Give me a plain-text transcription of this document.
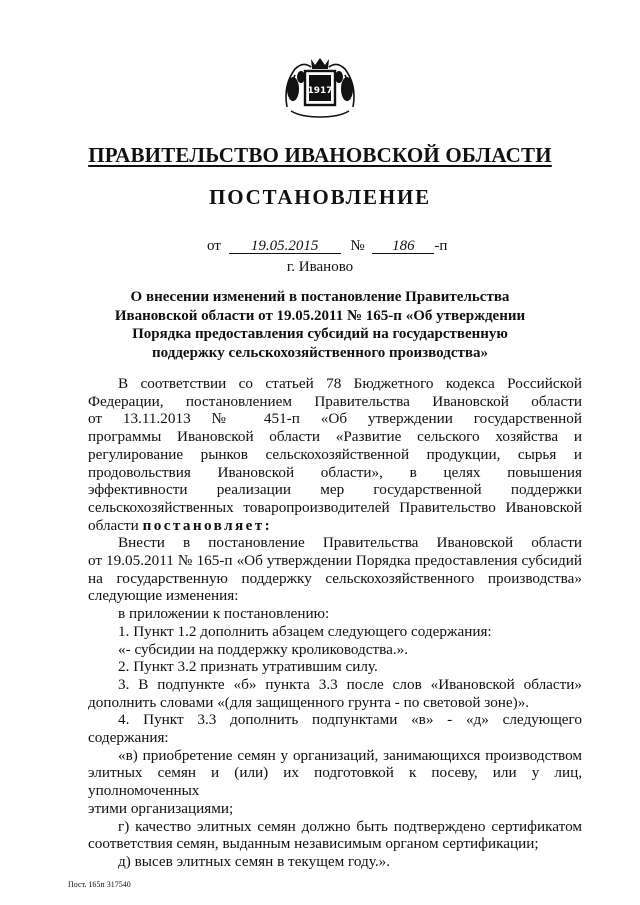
1917
ПРАВИТЕЛЬСТВО ИВАНОВСКОЙ ОБЛАСТИ
ПОСТАНОВЛЕНИЕ
от 19.05.2015 № 186 -п
г. Иваново
О внесении изменений в постановление Правительства Ивановской области от 19.05.2011 № 165-п «Об утверждении Порядка предоставления субсидий на государственную поддержку сельскохозяйственного производства»

В соответствии со статьей 78 Бюджетного кодекса Российской

Федерации, постановлением Правительства Ивановской области

от 13.11.2013 № 451-п «Об утверждении государственной

программы Ивановской области «Развитие сельского хозяйства и

регулирование рынков сельскохозяйственной продукции, сырья и

продовольствия Ивановской области», в целях повышения

эффективности реализации мер государственной поддержки

сельскохозяйственных товаропроизводителей Правительство Ивановской

области постановляет:

Внести в постановление Правительства Ивановской области

от 19.05.2011 № 165-п «Об утверждении Порядка предоставления субсидий

на государственную поддержку сельскохозяйственного производства»

следующие изменения:

в приложении к постановлению:

1. Пункт 1.2 дополнить абзацем следующего содержания:

«- субсидии на поддержку кролиководства.».

2. Пункт 3.2 признать утратившим силу.

3. В подпункте «б» пункта 3.3 после слов «Ивановской области»

дополнить словами «(для защищенного грунта - по световой зоне)».

4. Пункт 3.3 дополнить подпунктами «в» - «д» следующего

содержания:

«в) приобретение семян у организаций, занимающихся производством

элитных семян и (или) их подготовкой к посеву, или у лиц, уполномоченных

этими организациями;

г) качество элитных семян должно быть подтверждено сертификатом

соответствия семян, выданным независимым органом сертификации;

д) высев элитных семян в текущем году.».

Пост. 165п 317540
